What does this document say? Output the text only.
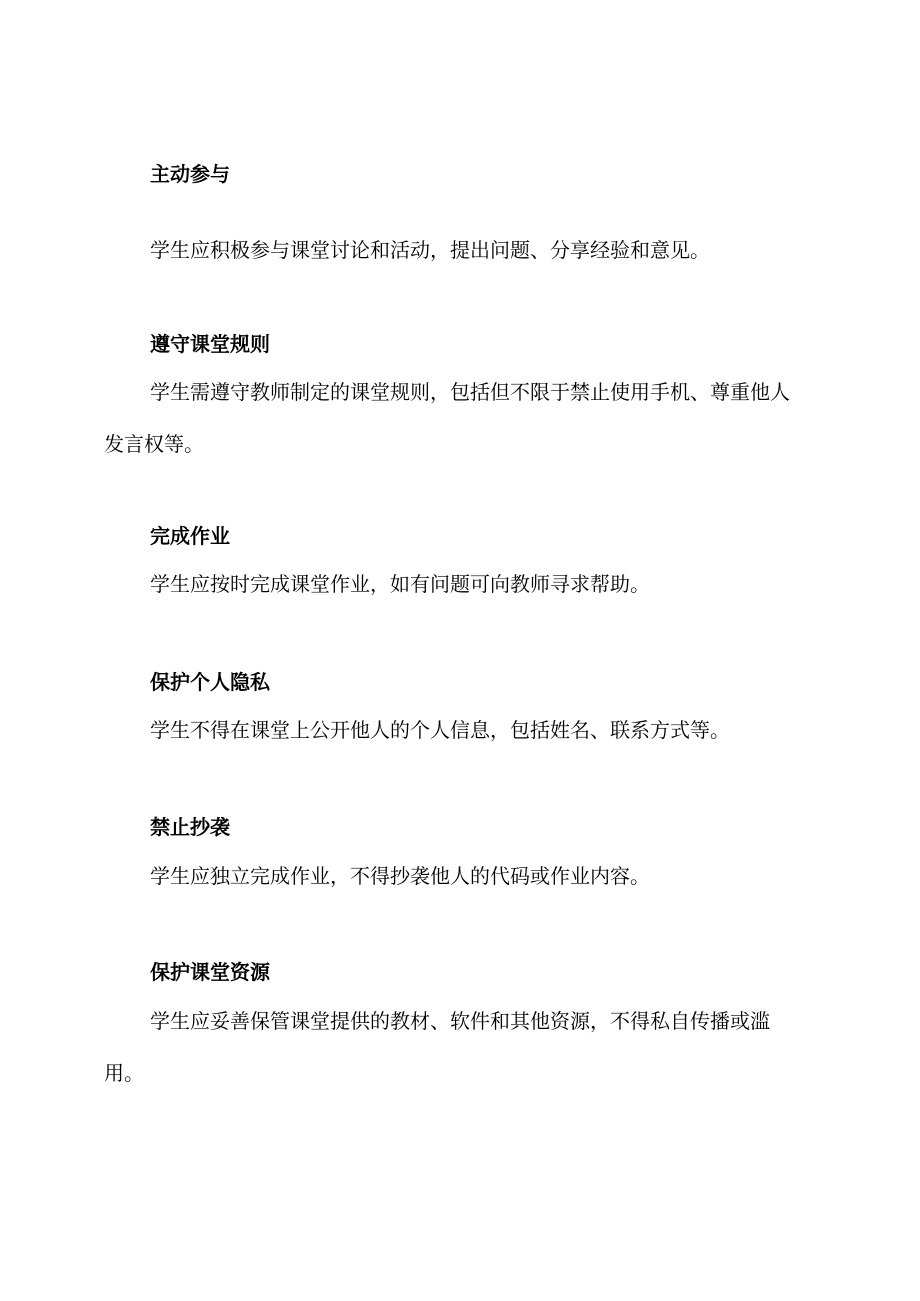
主动参与
学生应积极参与课堂讨论和活动，提出问题、分享经验和意见。
遵守课堂规则
学生需遵守教师制定的课堂规则，包括但不限于禁止使用手机、尊重他人发言权等。
完成作业
学生应按时完成课堂作业，如有问题可向教师寻求帮助。
保护个人隐私
学生不得在课堂上公开他人的个人信息，包括姓名、联系方式等。
禁止抄袭
学生应独立完成作业，不得抄袭他人的代码或作业内容。
保护课堂资源
学生应妥善保管课堂提供的教材、软件和其他资源，不得私自传播或滥用。
